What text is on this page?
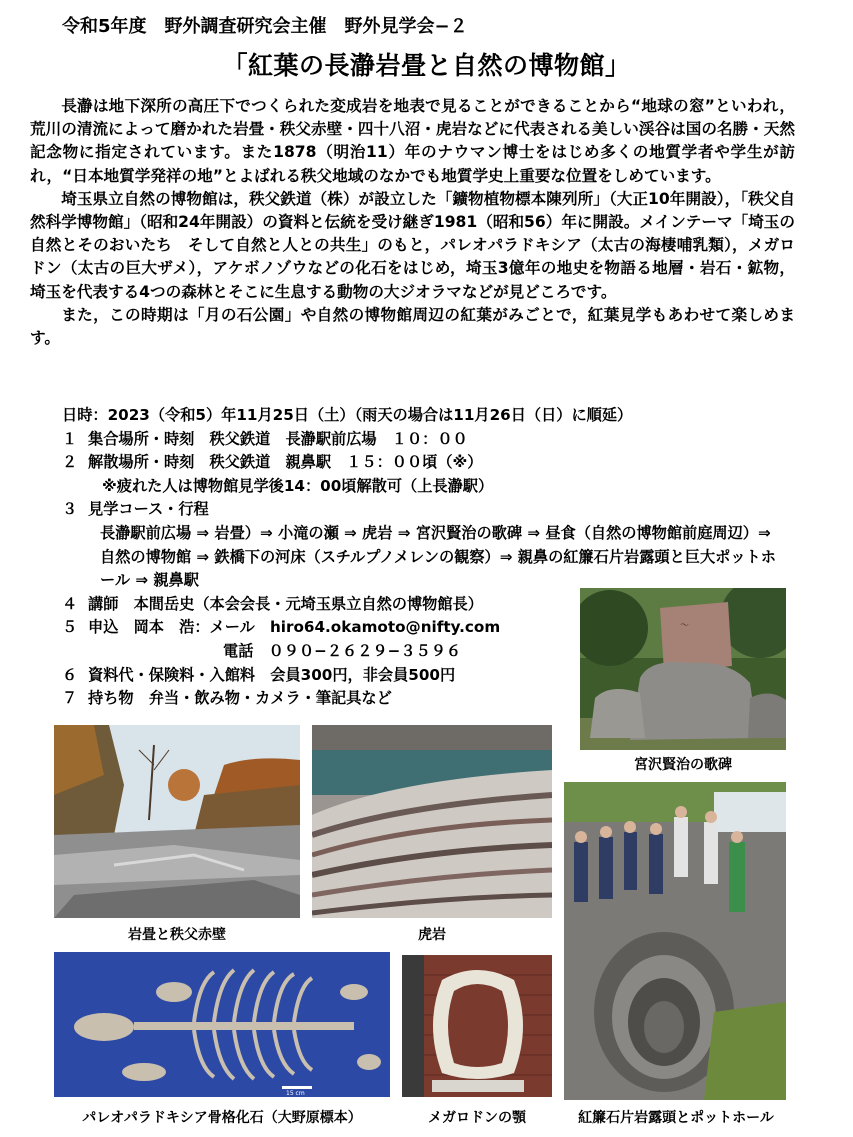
令和5年度　野外調査研究会主催　野外見学会−２
「紅葉の長瀞岩畳と自然の博物館」

長瀞は地下深所の高圧下でつくられた変成岩を地表で見ることができることから“地球の窓”といわれ，荒川の清流によって磨かれた岩畳・秩父赤壁・四十八沼・虎岩などに代表される美しい渓谷は国の名勝・天然記念物に指定されています。また1878（明治11）年のナウマン博士をはじめ多くの地質学者や学生が訪れ，“日本地質学発祥の地”とよばれる秩父地域のなかでも地質学史上重要な位置をしめています。

埼玉県立自然の博物館は，秩父鉄道（株）が設立した「鑛物植物標本陳列所」（大正10年開設），「秩父自然科学博物館」（昭和24年開設）の資料と伝統を受け継ぎ1981（昭和56）年に開設。メインテーマ「埼玉の自然とそのおいたち　そして自然と人との共生」のもと，パレオパラドキシア（太古の海棲哺乳類），メガロドン（太古の巨大ザメ），アケボノゾウなどの化石をはじめ，埼玉3億年の地史を物語る地層・岩石・鉱物，埼玉を代表する4つの森林とそこに生息する動物の大ジオラマなどが見どころです。

また，この時期は「月の石公園」や自然の博物館周辺の紅葉がみごとで，紅葉見学もあわせて楽しめます。

日時：2023（令和5）年11月25日（土）（雨天の場合は11月26日（日）に順延）
１ 集合場所・時刻　秩父鉄道　長瀞駅前広場　１０：００
２ 解散場所・時刻　秩父鉄道　親鼻駅　１５：００頃（※）
※疲れた人は博物館見学後14：00頃解散可（上長瀞駅）
３ 見学コース・行程
長瀞駅前広場 ⇒ 岩畳）⇒ 小滝の瀬 ⇒ 虎岩 ⇒ 宮沢賢治の歌碑 ⇒ 昼食（自然の博物館前庭周辺）⇒ 自然の博物館 ⇒ 鉄橋下の河床（スチルプノメレンの観察）⇒ 親鼻の紅簾石片岩露頭と巨大ポットホール ⇒ 親鼻駅
４ 講師　本間岳史（本会会長・元埼玉県立自然の博物館長）
５ 申込　岡本　浩：メール　hiro64.okamoto@nifty.com
電話　０９０−２６２９−３５９６
６ 資料代・保険料・入館料　会員300円，非会員500円
７ 持ち物　弁当・飲み物・カメラ・筆記具など
〜
宮沢賢治の歌碑
岩畳と秩父赤壁	虎岩
紅簾石片岩露頭とポットホール
15 cm
パレオパラドキシア骨格化石（大野原標本）	メガロドンの顎
